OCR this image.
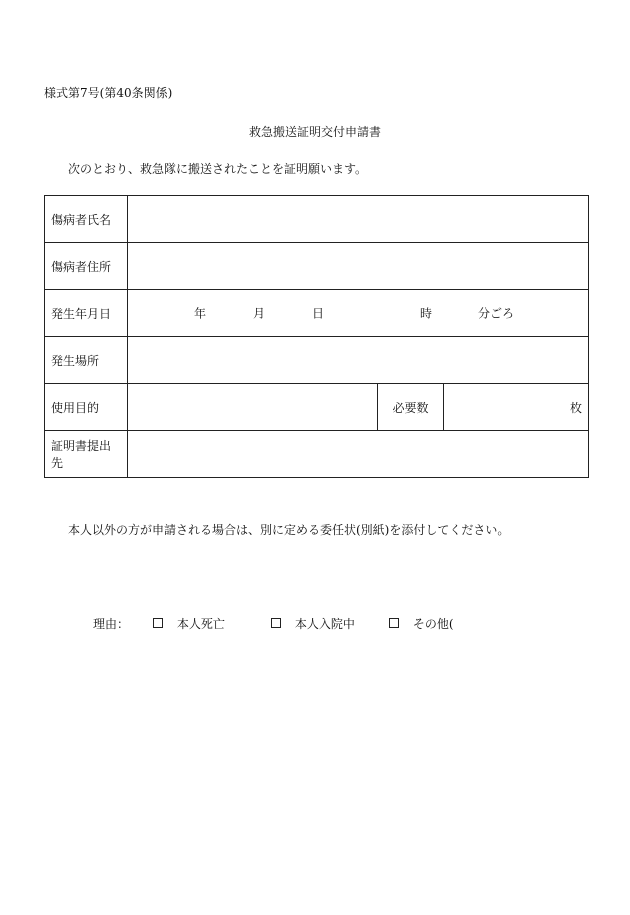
様式第7号(第40条関係)
救急搬送証明交付申請書
次のとおり、救急隊に搬送されたことを証明願います。
傷病者氏名			
傷病者住所			
発生年月日	年 月 日 時 分ごろ		

発生場所			
使用目的		必要数	枚
証明書提出先			
本人以外の方が申請される場合は、別に定める委任状(別紙)を添付してください。
理由：	本人死亡	本人入院中	その他(
